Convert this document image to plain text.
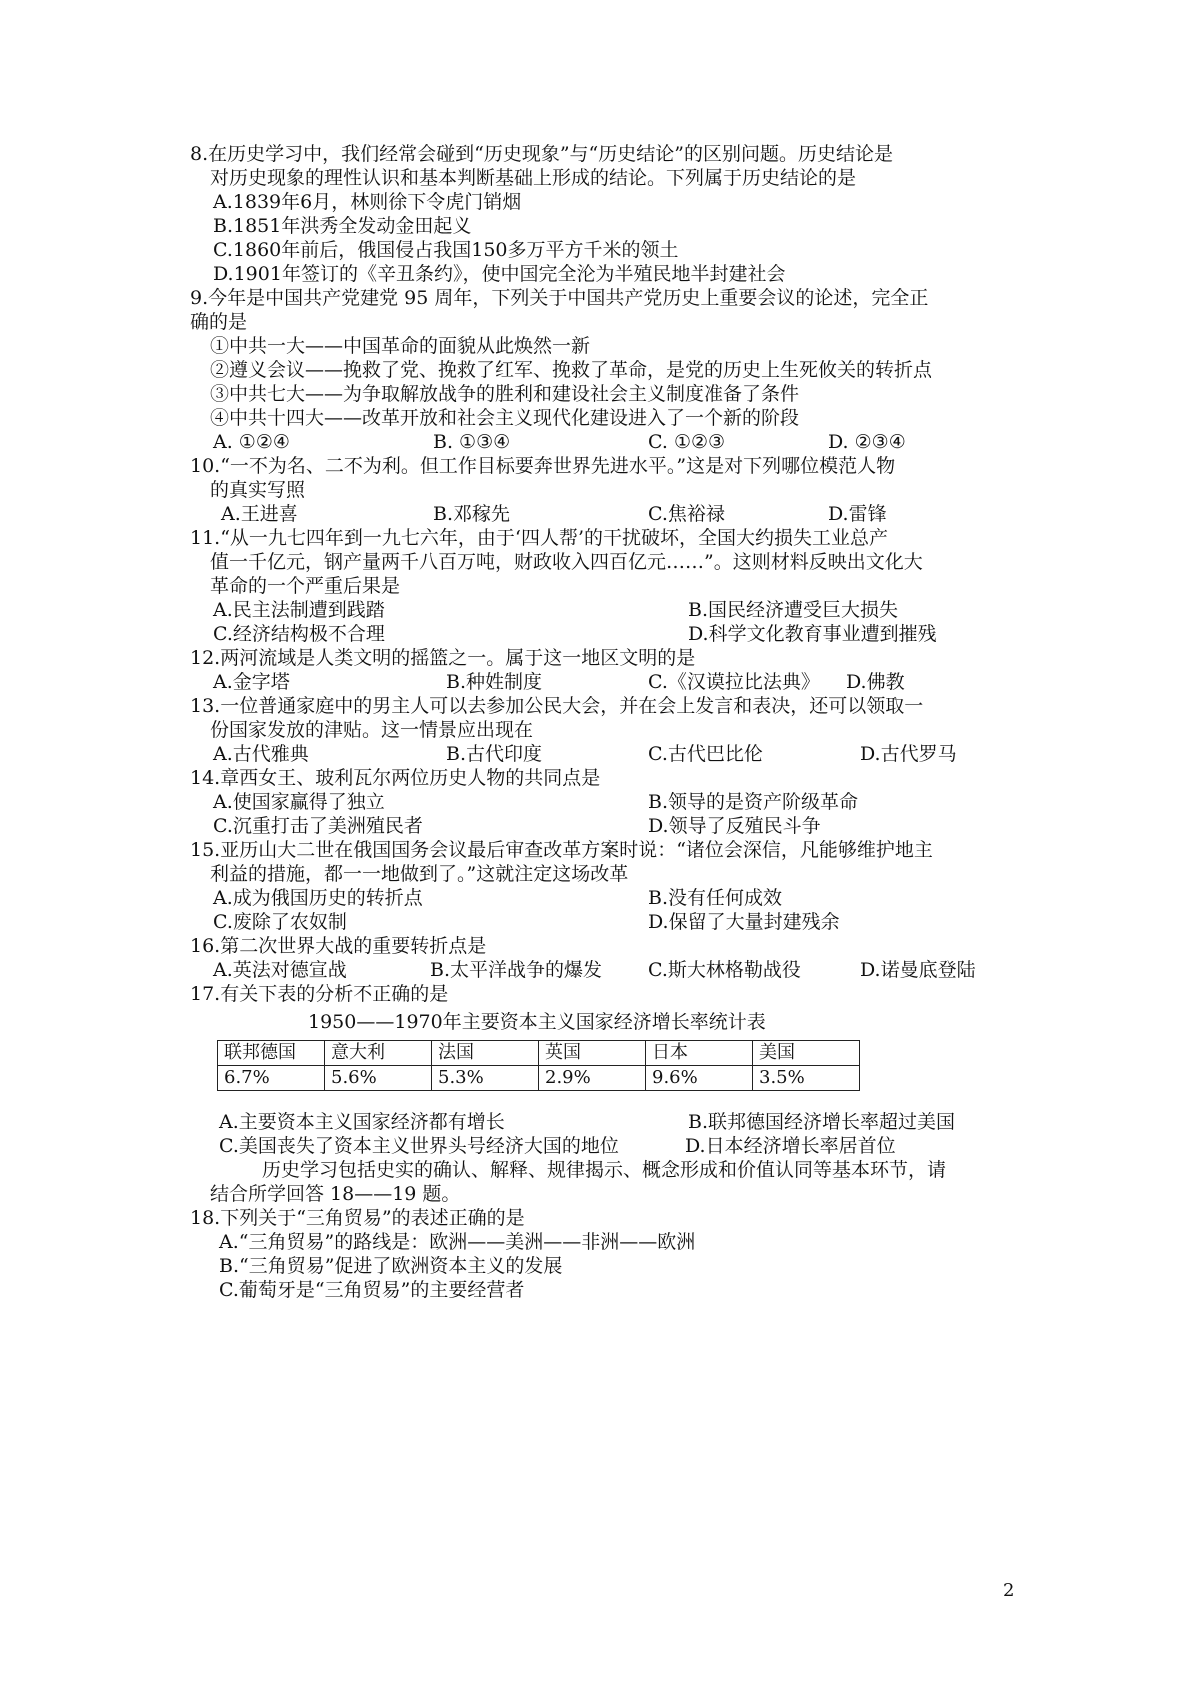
8.在历史学习中，我们经常会碰到“历史现象”与“历史结论”的区别问题。历史结论是
对历史现象的理性认识和基本判断基础上形成的结论。下列属于历史结论的是
A.1839年6月，林则徐下令虎门销烟
B.1851年洪秀全发动金田起义
C.1860年前后，俄国侵占我国150多万平方千米的领土
D.1901年签订的《辛丑条约》，使中国完全沦为半殖民地半封建社会
9.今年是中国共产党建党 95 周年，下列关于中国共产党历史上重要会议的论述，完全正
确的是
①中共一大——中国革命的面貌从此焕然一新
②遵义会议——挽救了党、挽救了红军、挽救了革命，是党的历史上生死攸关的转折点
③中共七大——为争取解放战争的胜利和建设社会主义制度准备了条件
④中共十四大——改革开放和社会主义现代化建设进入了一个新的阶段
A. ①②④	B. ①③④	C. ①②③	D. ②③④
10.“一不为名、二不为利。但工作目标要奔世界先进水平。”这是对下列哪位模范人物
的真实写照
A.王进喜	B.邓稼先	C.焦裕禄	D.雷锋
11.“从一九七四年到一九七六年，由于‘四人帮’的干扰破坏，全国大约损失工业总产
值一千亿元，钢产量两千八百万吨，财政收入四百亿元……”。这则材料反映出文化大
革命的一个严重后果是
A.民主法制遭到践踏	B.国民经济遭受巨大损失
C.经济结构极不合理	D.科学文化教育事业遭到摧残
12.两河流域是人类文明的摇篮之一。属于这一地区文明的是
A.金字塔	B.种姓制度	C.《汉谟拉比法典》 D.佛教
13.一位普通家庭中的男主人可以去参加公民大会，并在会上发言和表决，还可以领取一
份国家发放的津贴。这一情景应出现在
A.古代雅典	B.古代印度	C.古代巴比伦	D.古代罗马
14.章西女王、玻利瓦尔两位历史人物的共同点是
A.使国家赢得了独立	B.领导的是资产阶级革命
C.沉重打击了美洲殖民者	D.领导了反殖民斗争
15.亚历山大二世在俄国国务会议最后审查改革方案时说：“诸位会深信，凡能够维护地主
利益的措施，都一一地做到了。”这就注定这场改革
A.成为俄国历史的转折点	B.没有任何成效
C.废除了农奴制	D.保留了大量封建残余
16.第二次世界大战的重要转折点是
A.英法对德宣战	B.太平洋战争的爆发 C.斯大林格勒战役	D.诺曼底登陆
17.有关下表的分析不正确的是
1950——1970年主要资本主义国家经济增长率统计表
联邦德国	意大利	法国	英国	日本	美国
6.7%	5.6%	5.3%	2.9%	9.6%	3.5%
A.主要资本主义国家经济都有增长	B.联邦德国经济增长率超过美国
C.美国丧失了资本主义世界头号经济大国的地位	D.日本经济增长率居首位
历史学习包括史实的确认、解释、规律揭示、概念形成和价值认同等基本环节，请
结合所学回答 18——19 题。
18.下列关于“三角贸易”的表述正确的是
A.“三角贸易”的路线是：欧洲——美洲——非洲——欧洲
B.“三角贸易”促进了欧洲资本主义的发展
C.葡萄牙是“三角贸易”的主要经营者
2
